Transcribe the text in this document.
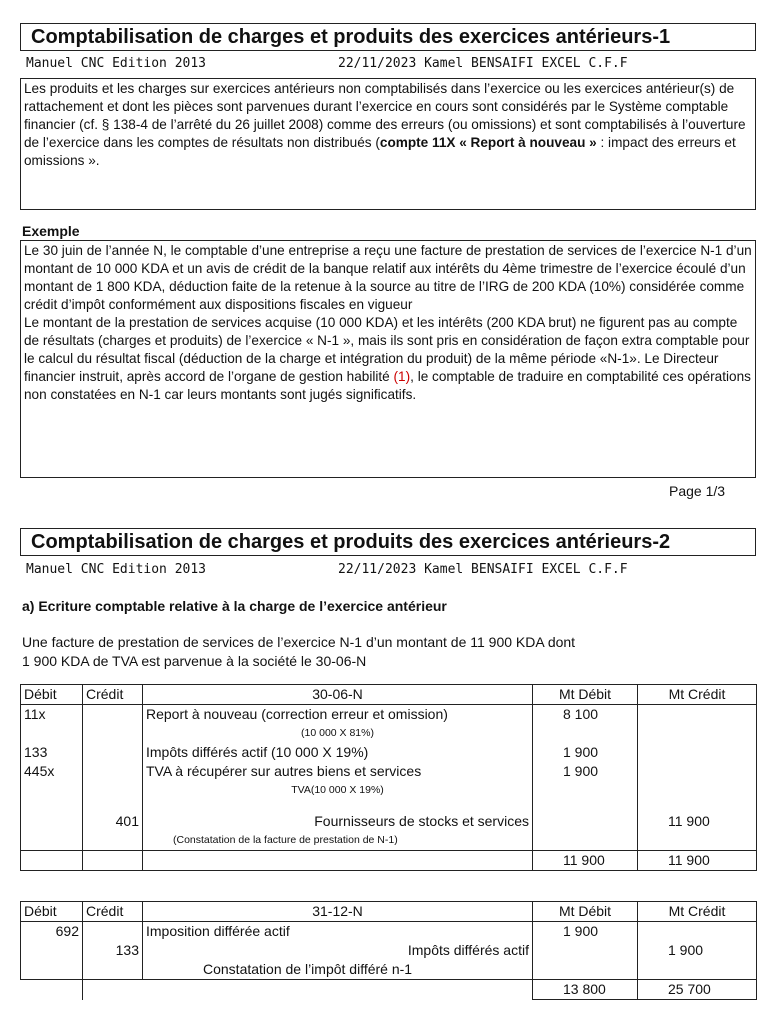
Comptabilisation de charges et produits des exercices antérieurs-1
Manuel CNC Edition 2013	22/11/2023 Kamel BENSAIFI EXCEL C.F.F

Les produits et les charges sur exercices antérieurs non comptabilisés dans l’exercice ou les exercices antérieur(s) de rattachement et dont les pièces sont parvenues durant l’exercice en cours sont considérés par le Système comptable financier (cf. § 138-4 de l’arrêté du 26 juillet 2008) comme des erreurs (ou omissions) et sont comptabilisés à l’ouverture de l’exercice dans les comptes de résultats non distribués (compte 11X « Report à nouveau » : impact des erreurs et omissions ».

Exemple

Le 30 juin de l’année N, le comptable d’une entreprise a reçu une facture de prestation de services de l’exercice N-1 d’un montant de 10 000 KDA et un avis de crédit de la banque relatif aux intérêts du 4ème trimestre de l’exercice écoulé d’un montant de 1 800 KDA, déduction faite de la retenue à la source au titre de l’IRG de 200 KDA (10%) considérée comme crédit d’impôt conformément aux dispositions fiscales en vigueur

Le montant de la prestation de services acquise (10 000 KDA) et les intérêts (200 KDA brut) ne figurent pas au compte de résultats (charges et produits) de l’exercice « N-1 », mais ils sont pris en considération de façon extra comptable pour le calcul du résultat fiscal (déduction de la charge et intégration du produit) de la même période «N-1». Le Directeur financier instruit, après accord de l’organe de gestion habilité (1), le comptable de traduire en comptabilité ces opérations non constatées en N-1 car leurs montants sont jugés significatifs.

Page 1/3
Comptabilisation de charges et produits des exercices antérieurs-2
Manuel CNC Edition 2013	22/11/2023 Kamel BENSAIFI EXCEL C.F.F
a) Ecriture comptable relative à la charge de l’exercice antérieur
Une facture de prestation de services de l’exercice N-1 d’un montant de 11 900 KDA dont
1 900 KDA de TVA est parvenue à la société le 30-06-N
Débit	Crédit	30-06-N	Mt Débit	Mt Crédit
11x		Report à nouveau (correction erreur et omission)	8 100	
		(10 000 X 81%)		
133		Impôts différés actif (10 000 X 19%)	1 900	
445x		TVA à récupérer sur autres biens et services	1 900	
		TVA(10 000 X 19%)		

	401	Fournisseurs de stocks et services		11 900
		(Constatation de la facture de prestation de N-1)		
			11 900	11 900
Débit	Crédit	31-12-N	Mt Débit	Mt Crédit
692		Imposition différée actif	1 900	
	133	Impôts différés actif		1 900
		Constatation de l’impôt différé n-1		
			13 800	25 700
